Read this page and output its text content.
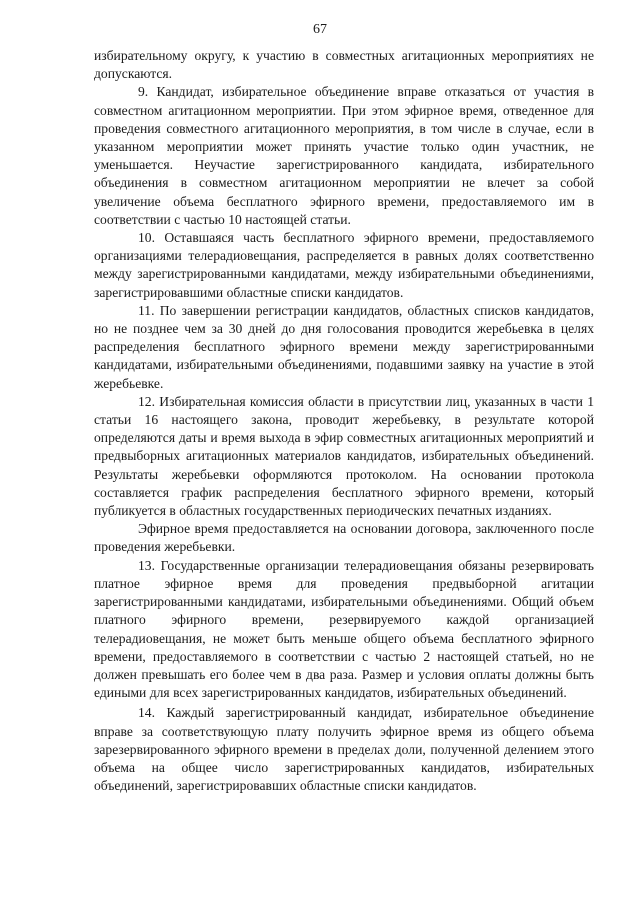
67

избирательному округу, к участию в совместных агитационных мероприятиях не допускаются.

9. Кандидат, избирательное объединение вправе отказаться от участия в совместном агитационном мероприятии. При этом эфирное время, отведенное для проведения совместного агитационного мероприятия, в том числе в случае, если в указанном мероприятии может принять участие только один участник, не уменьшается. Неучастие зарегистрированного кандидата, избирательного объединения в совместном агитационном мероприятии не влечет за собой увеличение объема бесплатного эфирного времени, предоставляемого им в соответствии с частью 10 настоящей статьи.

10. Оставшаяся часть бесплатного эфирного времени, предоставляемого организациями телерадиовещания, распределяется в равных долях соответственно между зарегистрированными кандидатами, между избирательными объединениями, зарегистрировавшими областные списки кандидатов.

11. По завершении регистрации кандидатов, областных списков кандидатов, но не позднее чем за 30 дней до дня голосования проводится жеребьевка в целях распределения бесплатного эфирного времени между зарегистрированными кандидатами, избирательными объединениями, подавшими заявку на участие в этой жеребьевке.

12. Избирательная комиссия области в присутствии лиц, указанных в части 1 статьи 16 настоящего закона, проводит жеребьевку, в результате которой определяются даты и время выхода в эфир совместных агитационных мероприятий и предвыборных агитационных материалов кандидатов, избирательных объединений. Результаты жеребьевки оформляются протоколом. На основании протокола составляется график распределения бесплатного эфирного времени, который публикуется в областных государственных периодических печатных изданиях.

Эфирное время предоставляется на основании договора, заключенного после проведения жеребьевки.

13. Государственные организации телерадиовещания обязаны резервировать платное эфирное время для проведения предвыборной агитации зарегистрированными кандидатами, избирательными объединениями. Общий объем платного эфирного времени, резервируемого каждой организацией телерадиовещания, не может быть меньше общего объема бесплатного эфирного времени, предоставляемого в соответствии с частью 2 настоящей статьей, но не должен превышать его более чем в два раза. Размер и условия оплаты должны быть едиными для всех зарегистрированных кандидатов, избирательных объединений.

14. Каждый зарегистрированный кандидат, избирательное объединение вправе за соответствующую плату получить эфирное время из общего объема зарезервированного эфирного времени в пределах доли, полученной делением этого объема на общее число зарегистрированных кандидатов, избирательных объединений, зарегистрировавших областные списки кандидатов.
